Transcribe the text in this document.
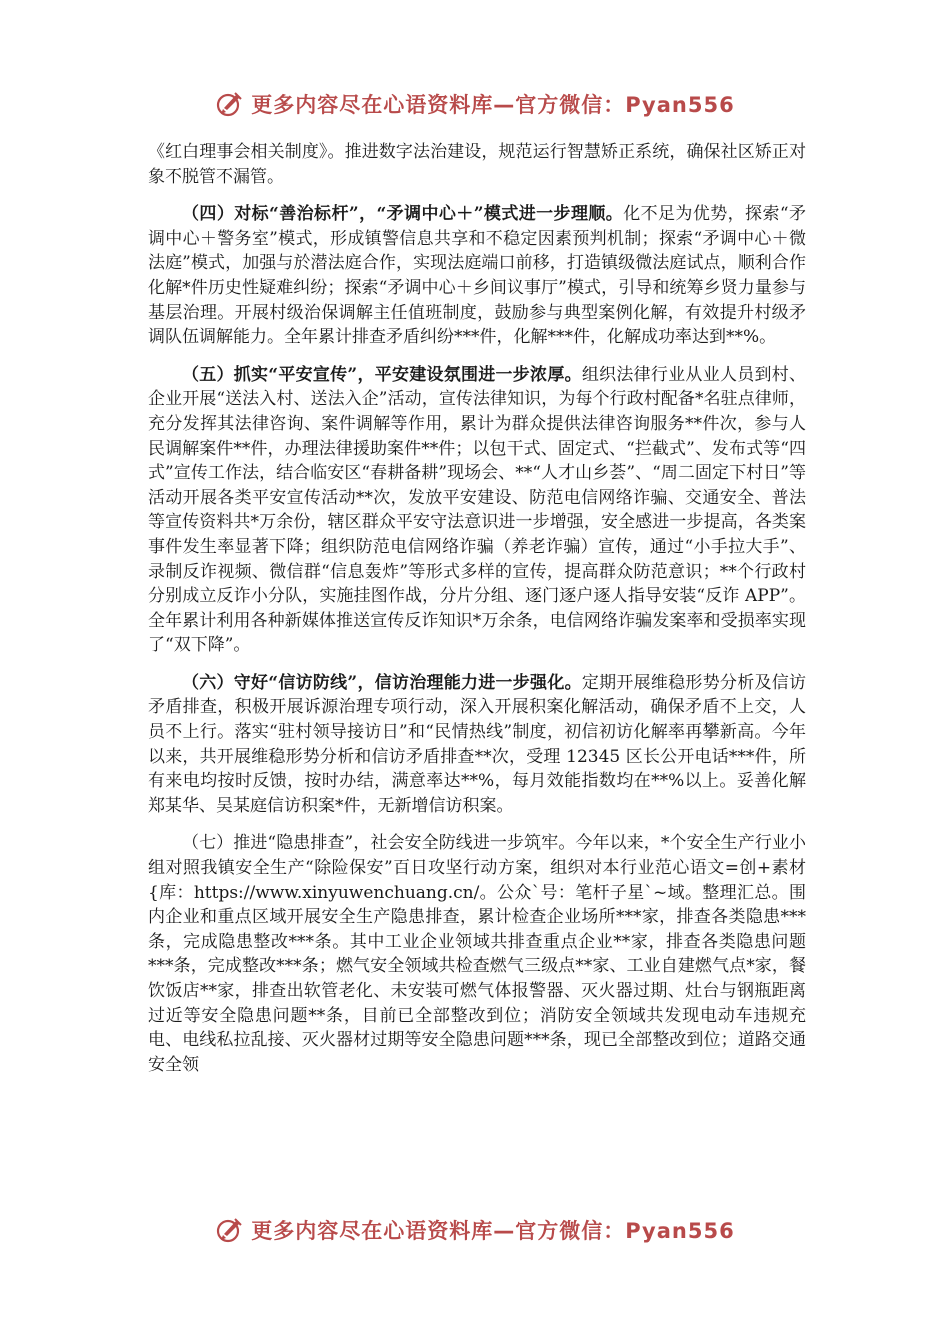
更多内容尽在心语资料库—官方微信：Pyan556

《红白理事会相关制度》。推进数字法治建设，规范运行智慧矫正系统，确保社区矫正对象不脱管不漏管。

（四）对标“善治标杆”，“矛调中心＋”模式进一步理顺。化不足为优势，探索“矛调中心＋警务室”模式，形成镇警信息共享和不稳定因素预判机制；探索“矛调中心＋微法庭”模式，加强与於潜法庭合作，实现法庭端口前移，打造镇级微法庭试点，顺利合作化解*件历史性疑难纠纷；探索“矛调中心＋乡间议事厅”模式，引导和统筹乡贤力量参与基层治理。开展村级治保调解主任值班制度，鼓励参与典型案例化解，有效提升村级矛调队伍调解能力。全年累计排查矛盾纠纷***件，化解***件，化解成功率达到**%。

（五）抓实“平安宣传”，平安建设氛围进一步浓厚。组织法律行业从业人员到村、企业开展“送法入村、送法入企”活动，宣传法律知识，为每个行政村配备*名驻点律师，充分发挥其法律咨询、案件调解等作用，累计为群众提供法律咨询服务**件次，参与人民调解案件**件，办理法律援助案件**件；以包干式、固定式、“拦截式”、发布式等“四式”宣传工作法，结合临安区“春耕备耕”现场会、**“人才山乡荟”、“周二固定下村日”等活动开展各类平安宣传活动**次，发放平安建设、防范电信网络诈骗、交通安全、普法等宣传资料共*万余份，辖区群众平安守法意识进一步增强，安全感进一步提高，各类案事件发生率显著下降；组织防范电信网络诈骗（养老诈骗）宣传，通过“小手拉大手”、录制反诈视频、微信群“信息轰炸”等形式多样的宣传，提高群众防范意识；**个行政村分别成立反诈小分队，实施挂图作战，分片分组、逐门逐户逐人指导安装“反诈 APP”。全年累计利用各种新媒体推送宣传反诈知识*万余条，电信网络诈骗发案率和受损率实现了“双下降”。

（六）守好“信访防线”，信访治理能力进一步强化。定期开展维稳形势分析及信访矛盾排查，积极开展诉源治理专项行动，深入开展积案化解活动，确保矛盾不上交，人员不上行。落实“驻村领导接访日”和“民情热线”制度，初信初访化解率再攀新高。今年以来，共开展维稳形势分析和信访矛盾排查**次，受理 12345 区长公开电话***件，所有来电均按时反馈，按时办结，满意率达**%，每月效能指数均在**%以上。妥善化解郑某华、吴某庭信访积案*件，无新增信访积案。

（七）推进“隐患排查”，社会安全防线进一步筑牢。今年以来，*个安全生产行业小组对照我镇安全生产“除险保安”百日攻坚行动方案，组织对本行业范心语文=创+素材{库：https://www.xinyuwenchuang.cn/。公众`号：笔杆子星`~域。整理汇总。围内企业和重点区域开展安全生产隐患排查，累计检查企业场所***家，排查各类隐患***条，完成隐患整改***条。其中工业企业领域共排查重点企业**家，排查各类隐患问题***条，完成整改***条；燃气安全领域共检查燃气三级点**家、工业自建燃气点*家，餐饮饭店**家，排查出软管老化、未安装可燃气体报警器、灭火器过期、灶台与钢瓶距离过近等安全隐患问题**条，目前已全部整改到位；消防安全领域共发现电动车违规充电、电线私拉乱接、灭火器材过期等安全隐患问题***条，现已全部整改到位；道路交通安全领

更多内容尽在心语资料库—官方微信：Pyan556
